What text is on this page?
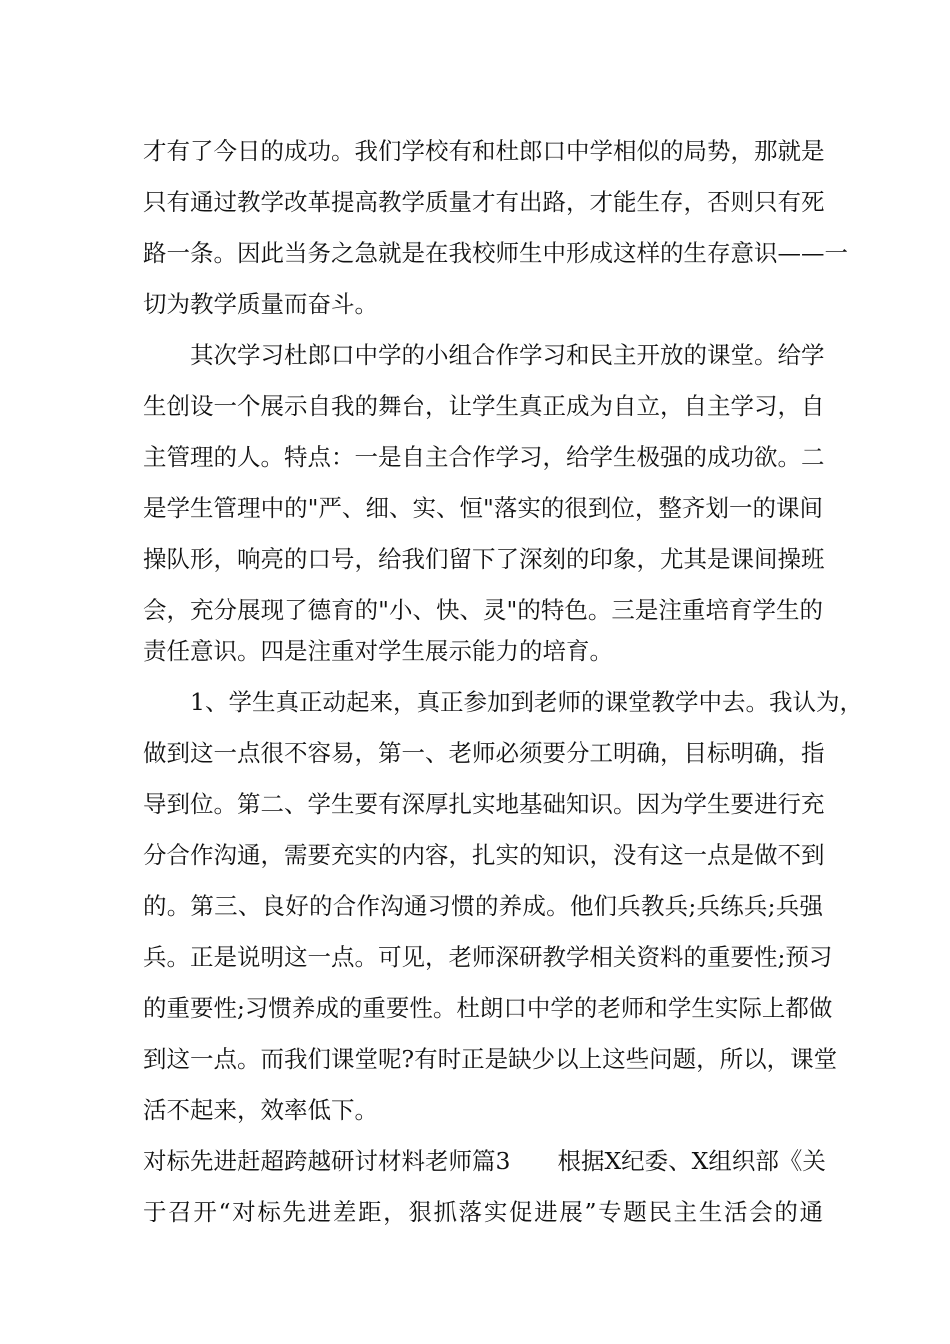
才有了今日的成功。我们学校有和杜郎口中学相似的局势，那就是
只有通过教学改革提高教学质量才有出路，才能生存，否则只有死
路一条。因此当务之急就是在我校师生中形成这样的生存意识——一
切为教学质量而奋斗。
其次学习杜郎口中学的小组合作学习和民主开放的课堂。给学
生创设一个展示自我的舞台，让学生真正成为自立，自主学习，自
主管理的人。特点：一是自主合作学习，给学生极强的成功欲。二
是学生管理中的"严、细、实、恒"落实的很到位，整齐划一的课间
操队形，响亮的口号，给我们留下了深刻的印象，尤其是课间操班
会，充分展现了德育的"小、快、灵"的特色。三是注重培育学生的
责任意识。四是注重对学生展示能力的培育。
1、学生真正动起来，真正参加到老师的课堂教学中去。我认为，
做到这一点很不容易，第一、老师必须要分工明确，目标明确，指
导到位。第二、学生要有深厚扎实地基础知识。因为学生要进行充
分合作沟通，需要充实的内容，扎实的知识，没有这一点是做不到
的。第三、良好的合作沟通习惯的养成。他们兵教兵;兵练兵;兵强
兵。正是说明这一点。可见，老师深研教学相关资料的重要性;预习
的重要性;习惯养成的重要性。杜朗口中学的老师和学生实际上都做
到这一点。而我们课堂呢?有时正是缺少以上这些问题，所以，课堂
活不起来，效率低下。
对标先进赶超跨越研讨材料老师篇3　　根据X纪委、X组织部《关
于召开“对标先进差距，狠抓落实促进展”专题民主生活会的通
